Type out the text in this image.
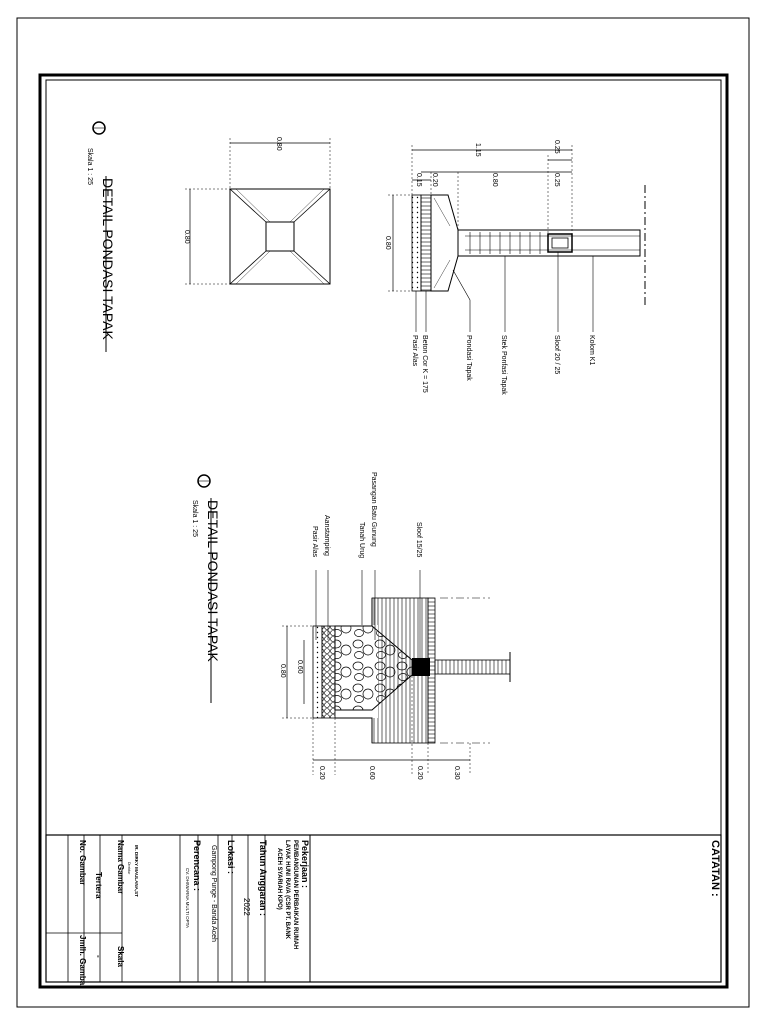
CATATAN :
Pekerjaan :
PEMBANGUNAN PERBAIKAN RUMAH
LAYAK HUNI RAVA (CSR PT. BANK
ACEH SYARIAH KPO)
Tahun Anggaran :
2022
Lokasi :
Gampong Punge - Banda Aceh
Perencana :
CV. DHIWARNA MULTI OPTA
IR. DIRKY MAULANA,ST
Direktur
Nama Gambar
Tertera
Skala
-
No. Gambar
Jmlh. Gambar
0.80
0.80
DETAIL PONDASI TAPAK
Skala 1 : 25	1.15	0.25
0.20	0.80	0.25
0.15
0.80
Kolom K1
Sloof 20 / 25
Stek Ponfasi Tapak
Pondasi Tapak
Beton Cor K = 175
Pasir Alas
DETAIL PONDASI TAPAK
Skala 1 : 25
0.80 0.60
0.20	0.60	0.20	0.30
Sloof 15/25
Pasangan Batu Gunung
Tanah Urug
Aanstamping
Pasir Alas
